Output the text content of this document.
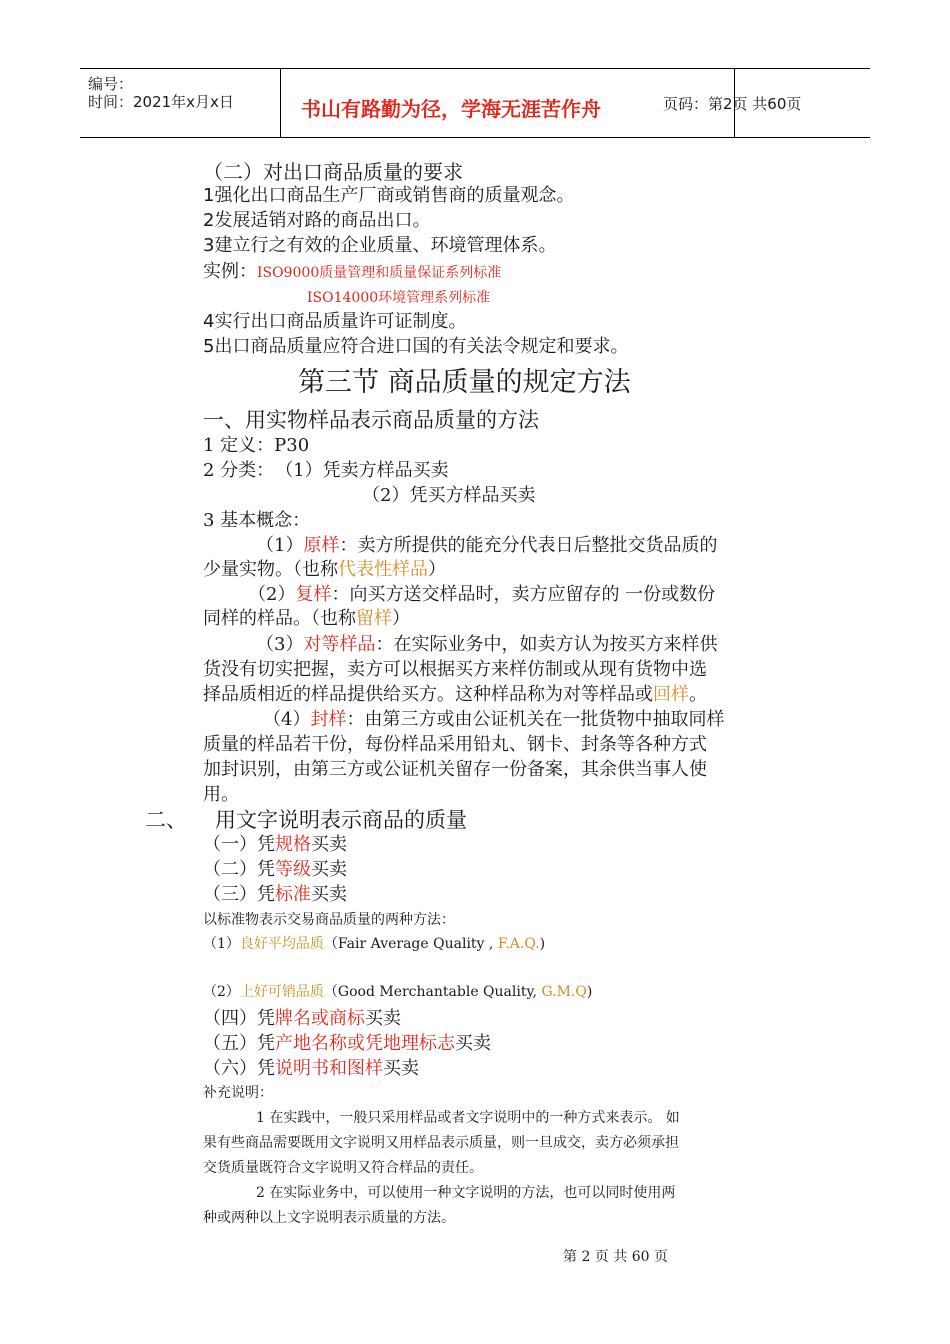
编号：
时间：2021年x月x日	书山有路勤为径，学海无涯苦作舟	页码：第2页 共60页
（二）对出口商品质量的要求
1强化出口商品生产厂商或销售商的质量观念。
2发展适销对路的商品出口。
3建立行之有效的企业质量、环境管理体系。
实例：ISO9000质量管理和质量保证系列标准
ISO14000环境管理系列标准
4实行出口商品质量许可证制度。
5出口商品质量应符合进口国的有关法令规定和要求。
第三节 商品质量的规定方法
一、用实物样品表示商品质量的方法
1 定义：P30
2 分类： （1）凭卖方样品买卖
（2）凭买方样品买卖
3 基本概念：
（1）原样：卖方所提供的能充分代表日后整批交货品质的
少量实物。（也称代表性样品）
（2）复样：向买方送交样品时，卖方应留存的 一份或数份
同样的样品。（也称留样）
（3）对等样品：在实际业务中，如卖方认为按买方来样供
货没有切实把握，卖方可以根据买方来样仿制或从现有货物中选
择品质相近的样品提供给买方。这种样品称为对等样品或回样。
（4）封样：由第三方或由公证机关在一批货物中抽取同样
质量的样品若干份，每份样品采用铅丸、钢卡、封条等各种方式
加封识别，由第三方或公证机关留存一份备案，其余供当事人使
用。
二、 用文字说明表示商品的质量
（一）凭规格买卖
（二）凭等级买卖
（三）凭标准买卖
以标准物表示交易商品质量的两种方法：
（1）良好平均品质（Fair Average Quality , F.A.Q.)
（2）上好可销品质（Good Merchantable Quality, G.M.Q)
（四）凭牌名或商标买卖
（五）凭产地名称或凭地理标志买卖
（六）凭说明书和图样买卖
补充说明：
1 在实践中，一般只采用样品或者文字说明中的一种方式来表示。 如
果有些商品需要既用文字说明又用样品表示质量，则一旦成交，卖方必须承担
交货质量既符合文字说明又符合样品的责任。
2 在实际业务中，可以使用一种文字说明的方法，也可以同时使用两
种或两种以上文字说明表示质量的方法。
第 2 页 共 60 页
